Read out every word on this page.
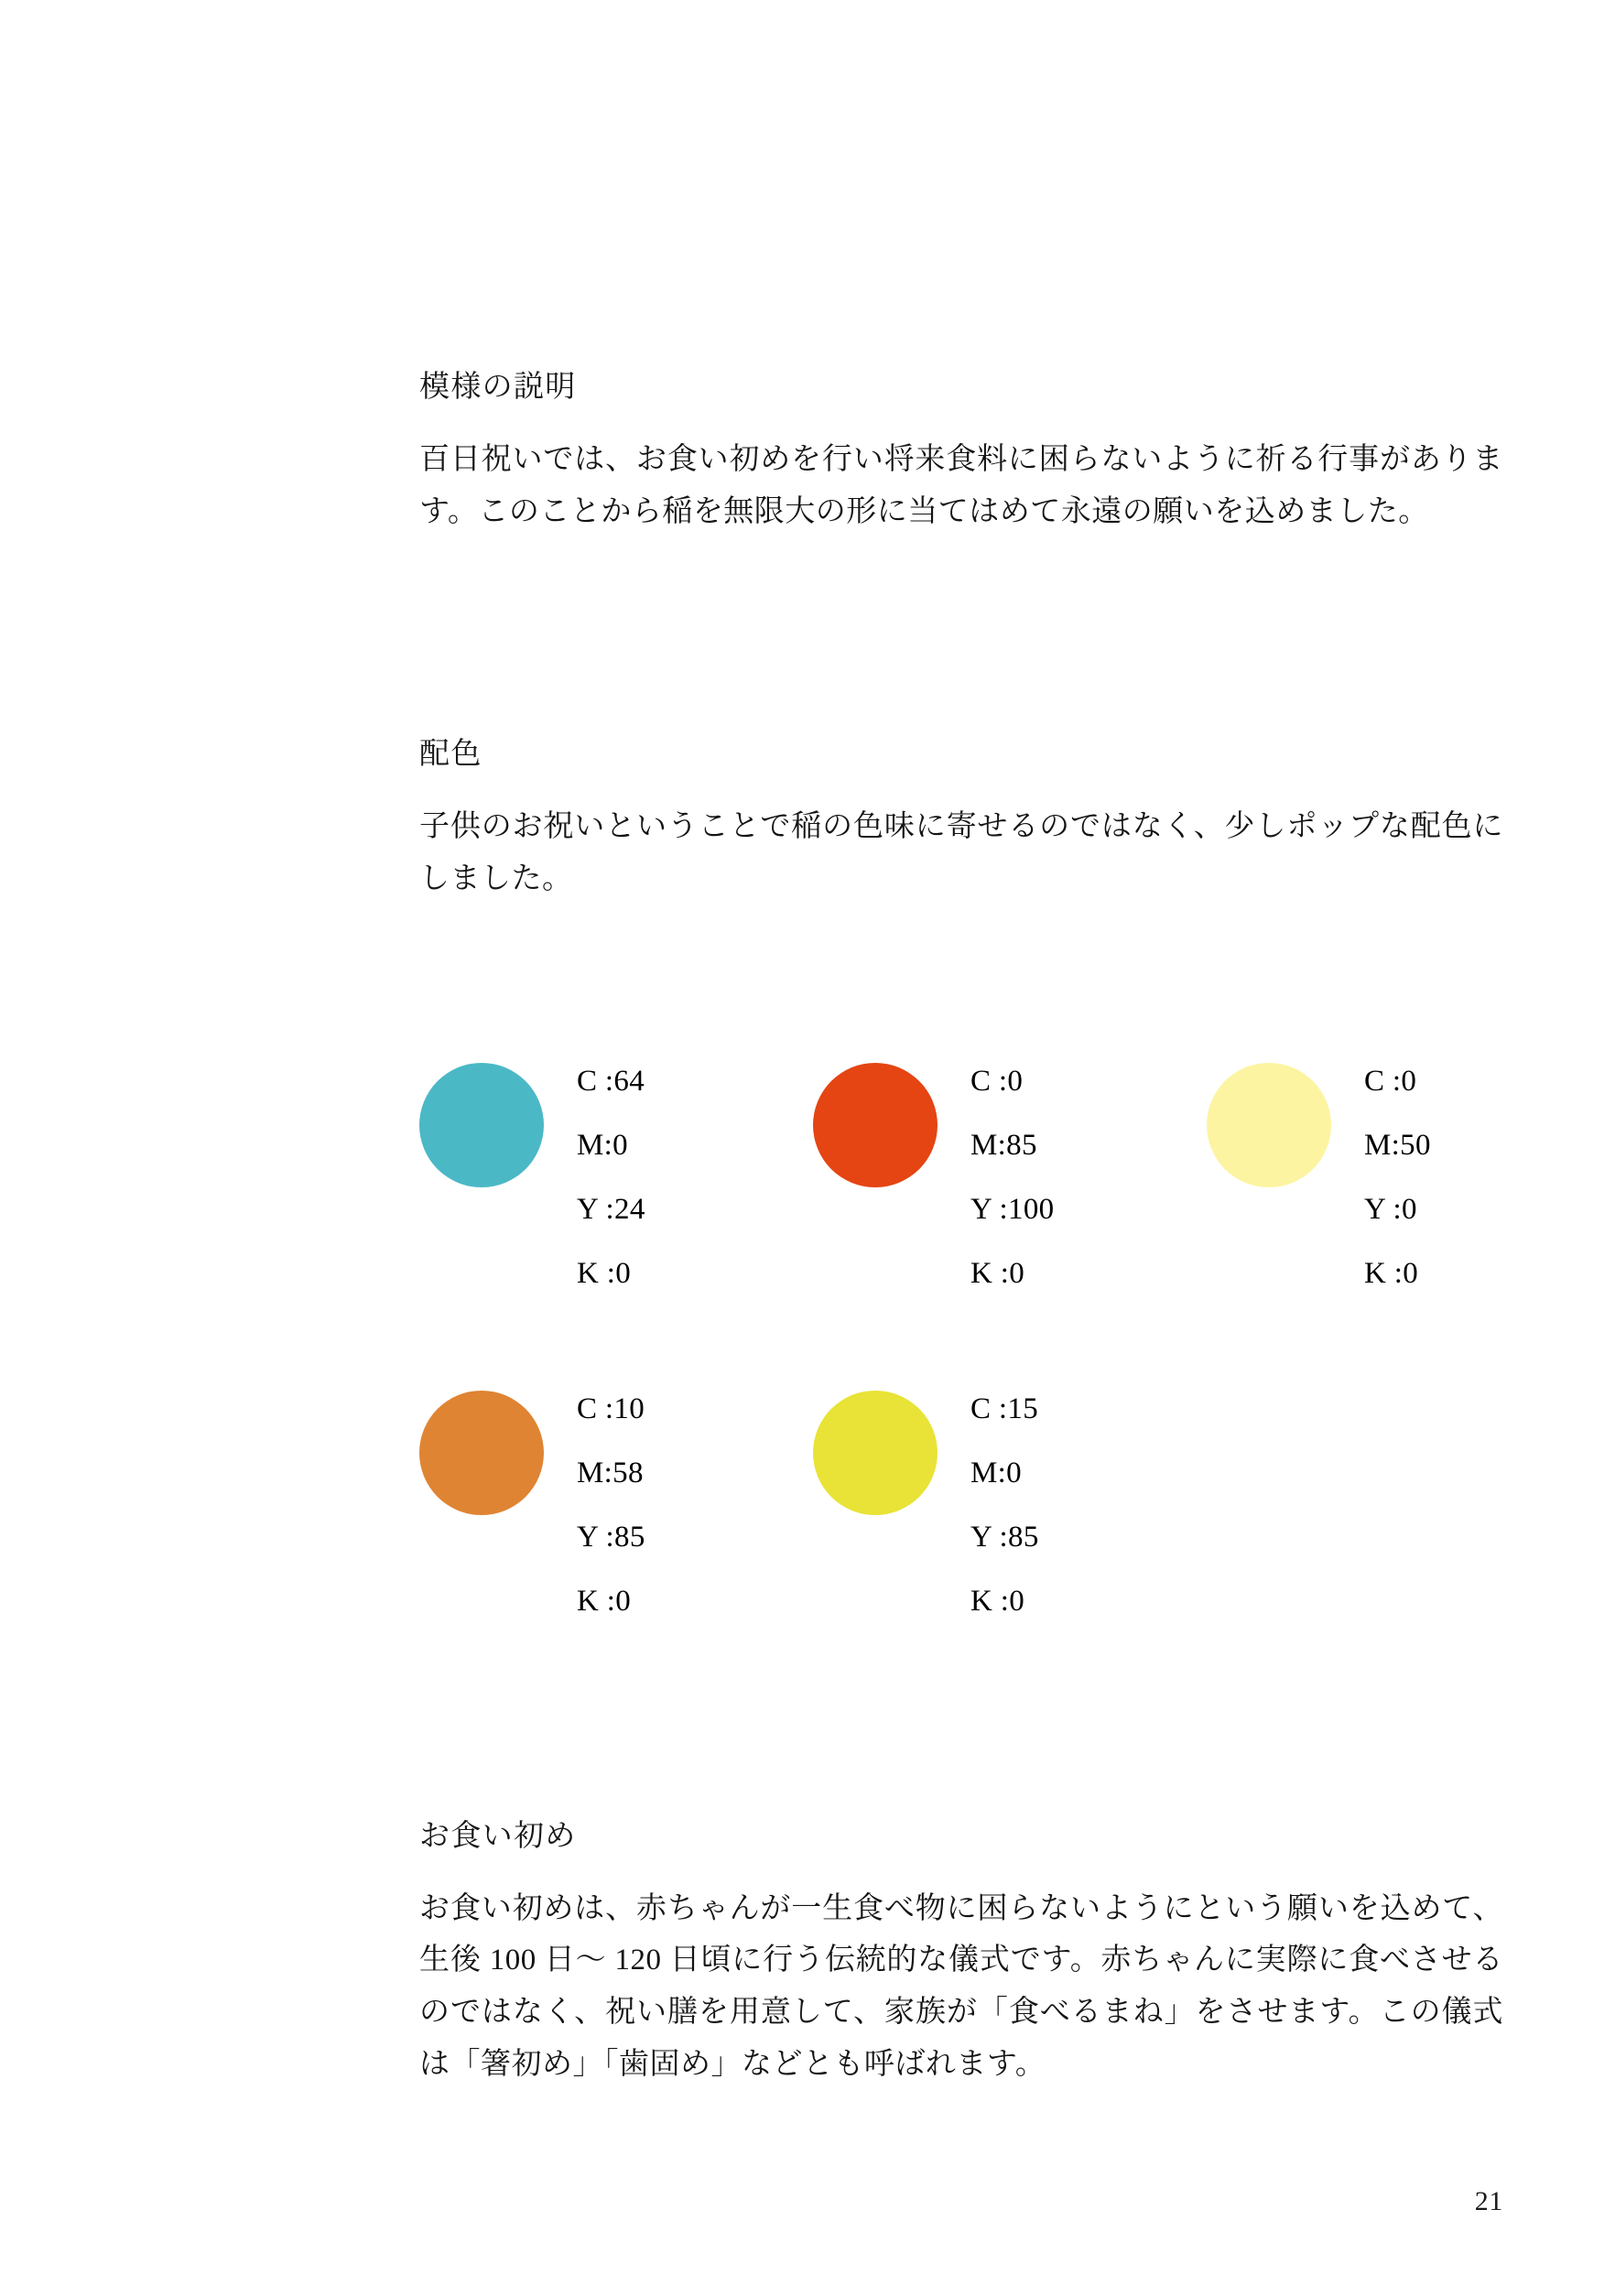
模様の説明

百日祝いでは、お食い初めを行い将来食料に困らないように祈る行事があります。このことから稲を無限大の形に当てはめて永遠の願いを込めました。

配色

子供のお祝いということで稲の色味に寄せるのではなく、少しポップな配色にしました。

C :64
M:0
Y :24
K :0
C :0
M:85
Y :100
K :0
C :0
M:50
Y :0
K :0
C :10
M:58
Y :85
K :0
C :15
M:0
Y :85
K :0
お食い初め

お食い初めは、赤ちゃんが一生食べ物に困らないようにという願いを込めて、生後 100 日〜 120 日頃に行う伝統的な儀式です。赤ちゃんに実際に食べさせるのではなく、祝い膳を用意して、家族が「食べるまね」をさせます。この儀式は「箸初め」「歯固め」などとも呼ばれます。

21
